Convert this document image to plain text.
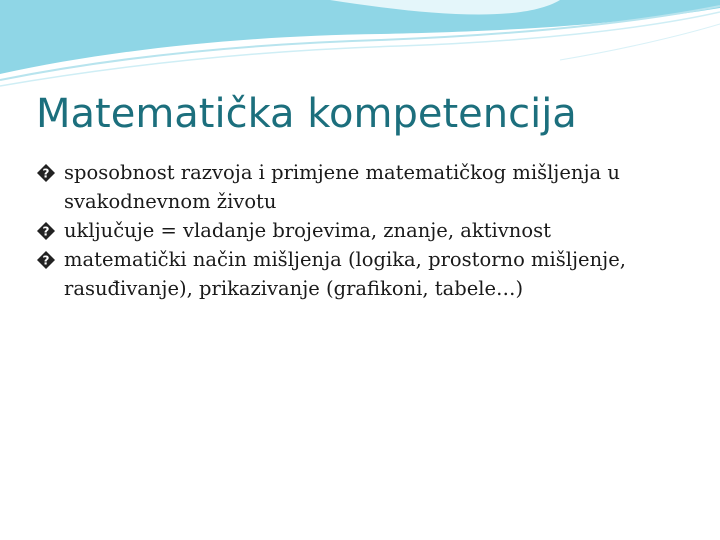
Matematička kompetencija
? sposobnost razvoja i primjene matematičkog mišljenja u svakodnevnom životu
? uključuje = vladanje brojevima, znanje, aktivnost
? matematički način mišljenja (logika, prostorno mišljenje, rasuđivanje), prikazivanje (grafikoni, tabele…)
